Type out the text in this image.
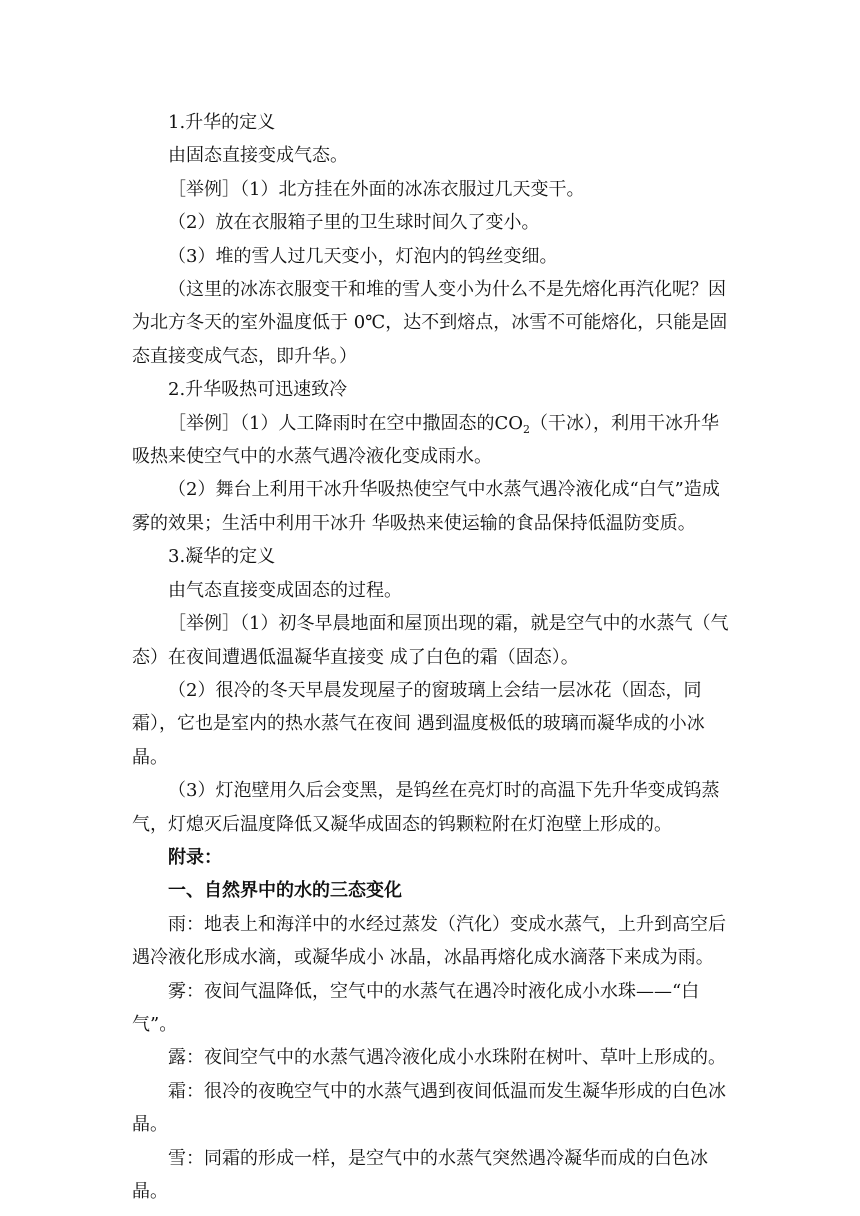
1.升华的定义

由固态直接变成气态。

［举例］（1）北方挂在外面的冰冻衣服过几天变干。

（2）放在衣服箱子里的卫生球时间久了变小。

（3）堆的雪人过几天变小，灯泡内的钨丝变细。

（这里的冰冻衣服变干和堆的雪人变小为什么不是先熔化再汽化呢？因为北方冬天的室外温度低于 0℃，达不到熔点，冰雪不可能熔化，只能是固态直接变成气态，即升华。）

2.升华吸热可迅速致冷

［举例］（1）人工降雨时在空中撒固态的$CO_2$（干冰），利用干冰升华吸热来使空气中的水蒸气遇冷液化变成雨水。

（2）舞台上利用干冰升华吸热使空气中水蒸气遇冷液化成“白气”造成雾的效果；生活中利用干冰升 华吸热来使运输的食品保持低温防变质。

3.凝华的定义

由气态直接变成固态的过程。

［举例］（1）初冬早晨地面和屋顶出现的霜，就是空气中的水蒸气（气态）在夜间遭遇低温凝华直接变 成了白色的霜（固态）。

（2）很冷的冬天早晨发现屋子的窗玻璃上会结一层冰花（固态，同霜），它也是室内的热水蒸气在夜间 遇到温度极低的玻璃而凝华成的小冰晶。

（3）灯泡壁用久后会变黑，是钨丝在亮灯时的高温下先升华变成钨蒸气，灯熄灭后温度降低又凝华成固态的钨颗粒附在灯泡壁上形成的。

附录：

一、自然界中的水的三态变化

雨：地表上和海洋中的水经过蒸发（汽化）变成水蒸气，上升到高空后遇冷液化形成水滴，或凝华成小 冰晶，冰晶再熔化成水滴落下来成为雨。

雾：夜间气温降低，空气中的水蒸气在遇冷时液化成小水珠——“白气”。

露：夜间空气中的水蒸气遇冷液化成小水珠附在树叶、草叶上形成的。

霜：很冷的夜晚空气中的水蒸气遇到夜间低温而发生凝华形成的白色冰晶。

雪：同霜的形成一样，是空气中的水蒸气突然遇冷凝华而成的白色冰晶。
